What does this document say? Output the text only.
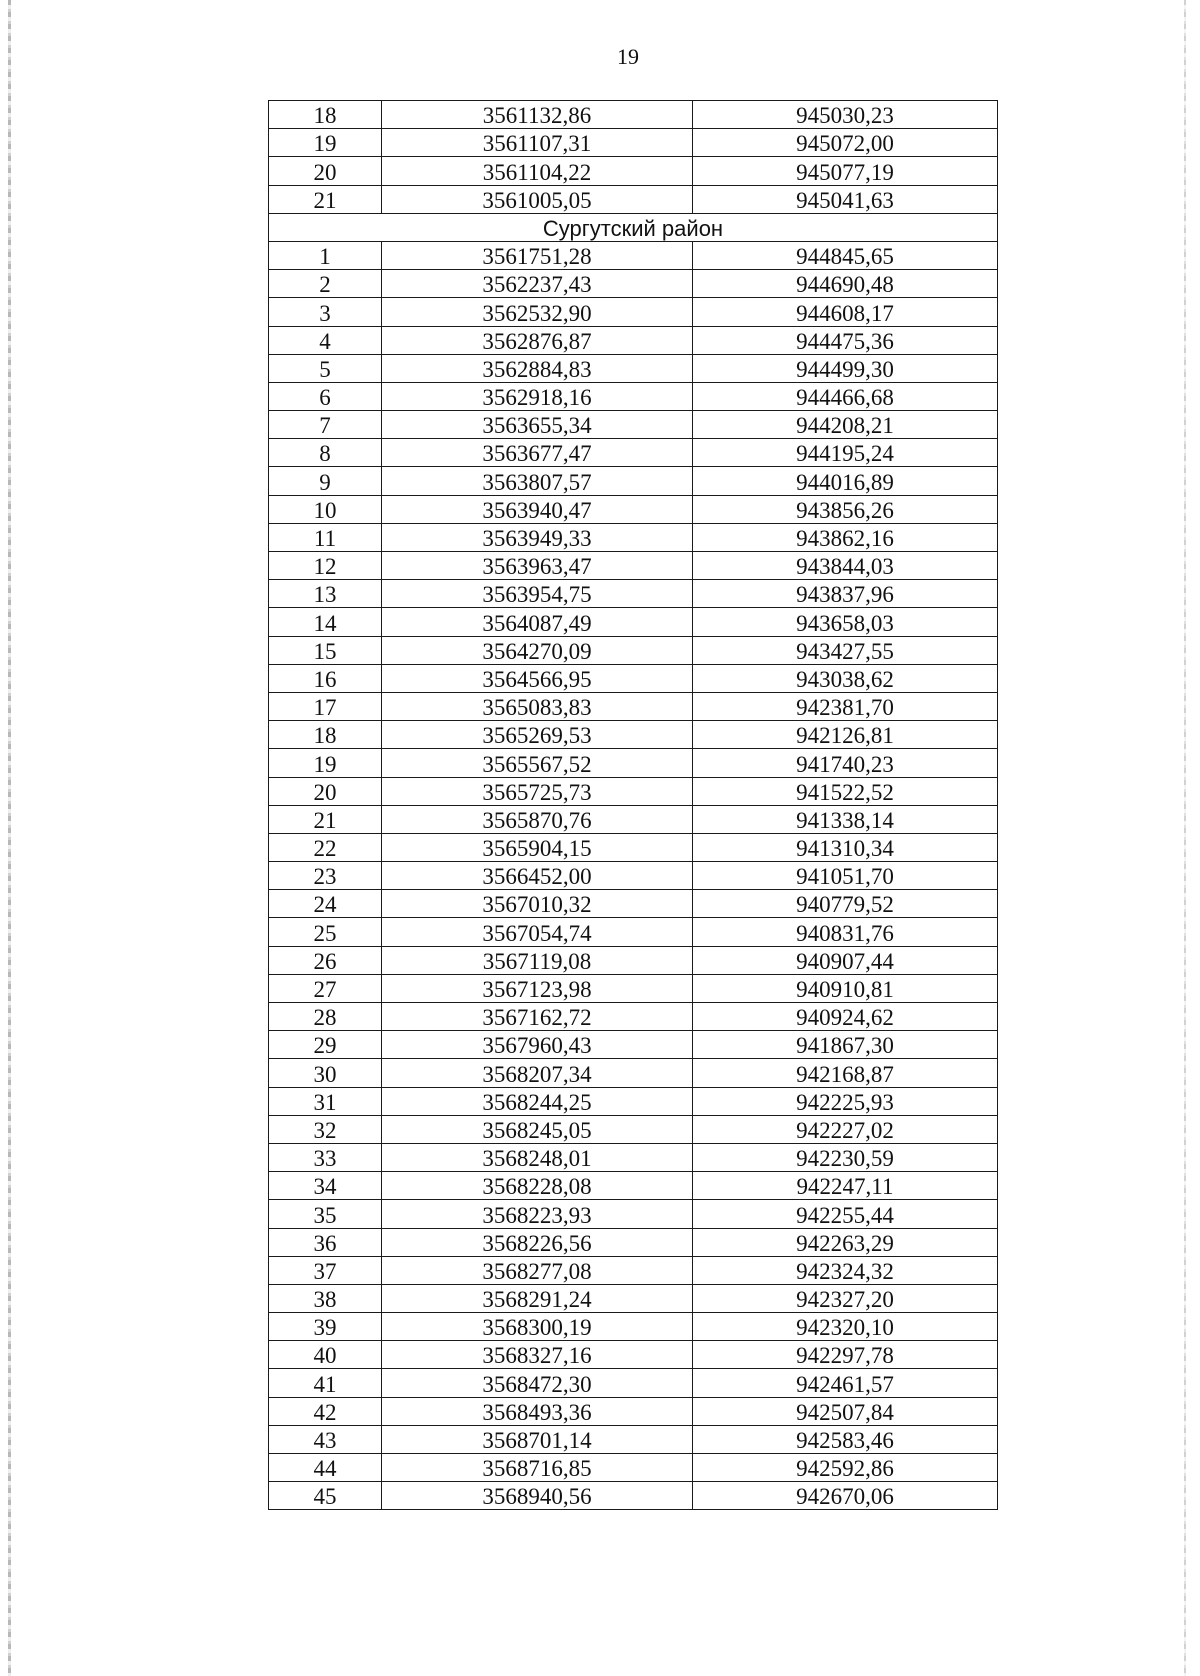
19
18	3561132,86	945030,23
19	3561107,31	945072,00
20	3561104,22	945077,19
21	3561005,05	945041,63
Сургутский район		
1	3561751,28	944845,65
2	3562237,43	944690,48
3	3562532,90	944608,17
4	3562876,87	944475,36
5	3562884,83	944499,30
6	3562918,16	944466,68
7	3563655,34	944208,21
8	3563677,47	944195,24
9	3563807,57	944016,89
10	3563940,47	943856,26
11	3563949,33	943862,16
12	3563963,47	943844,03
13	3563954,75	943837,96
14	3564087,49	943658,03
15	3564270,09	943427,55
16	3564566,95	943038,62
17	3565083,83	942381,70
18	3565269,53	942126,81
19	3565567,52	941740,23
20	3565725,73	941522,52
21	3565870,76	941338,14
22	3565904,15	941310,34
23	3566452,00	941051,70
24	3567010,32	940779,52
25	3567054,74	940831,76
26	3567119,08	940907,44
27	3567123,98	940910,81
28	3567162,72	940924,62
29	3567960,43	941867,30
30	3568207,34	942168,87
31	3568244,25	942225,93
32	3568245,05	942227,02
33	3568248,01	942230,59
34	3568228,08	942247,11
35	3568223,93	942255,44
36	3568226,56	942263,29
37	3568277,08	942324,32
38	3568291,24	942327,20
39	3568300,19	942320,10
40	3568327,16	942297,78
41	3568472,30	942461,57
42	3568493,36	942507,84
43	3568701,14	942583,46
44	3568716,85	942592,86
45	3568940,56	942670,06
